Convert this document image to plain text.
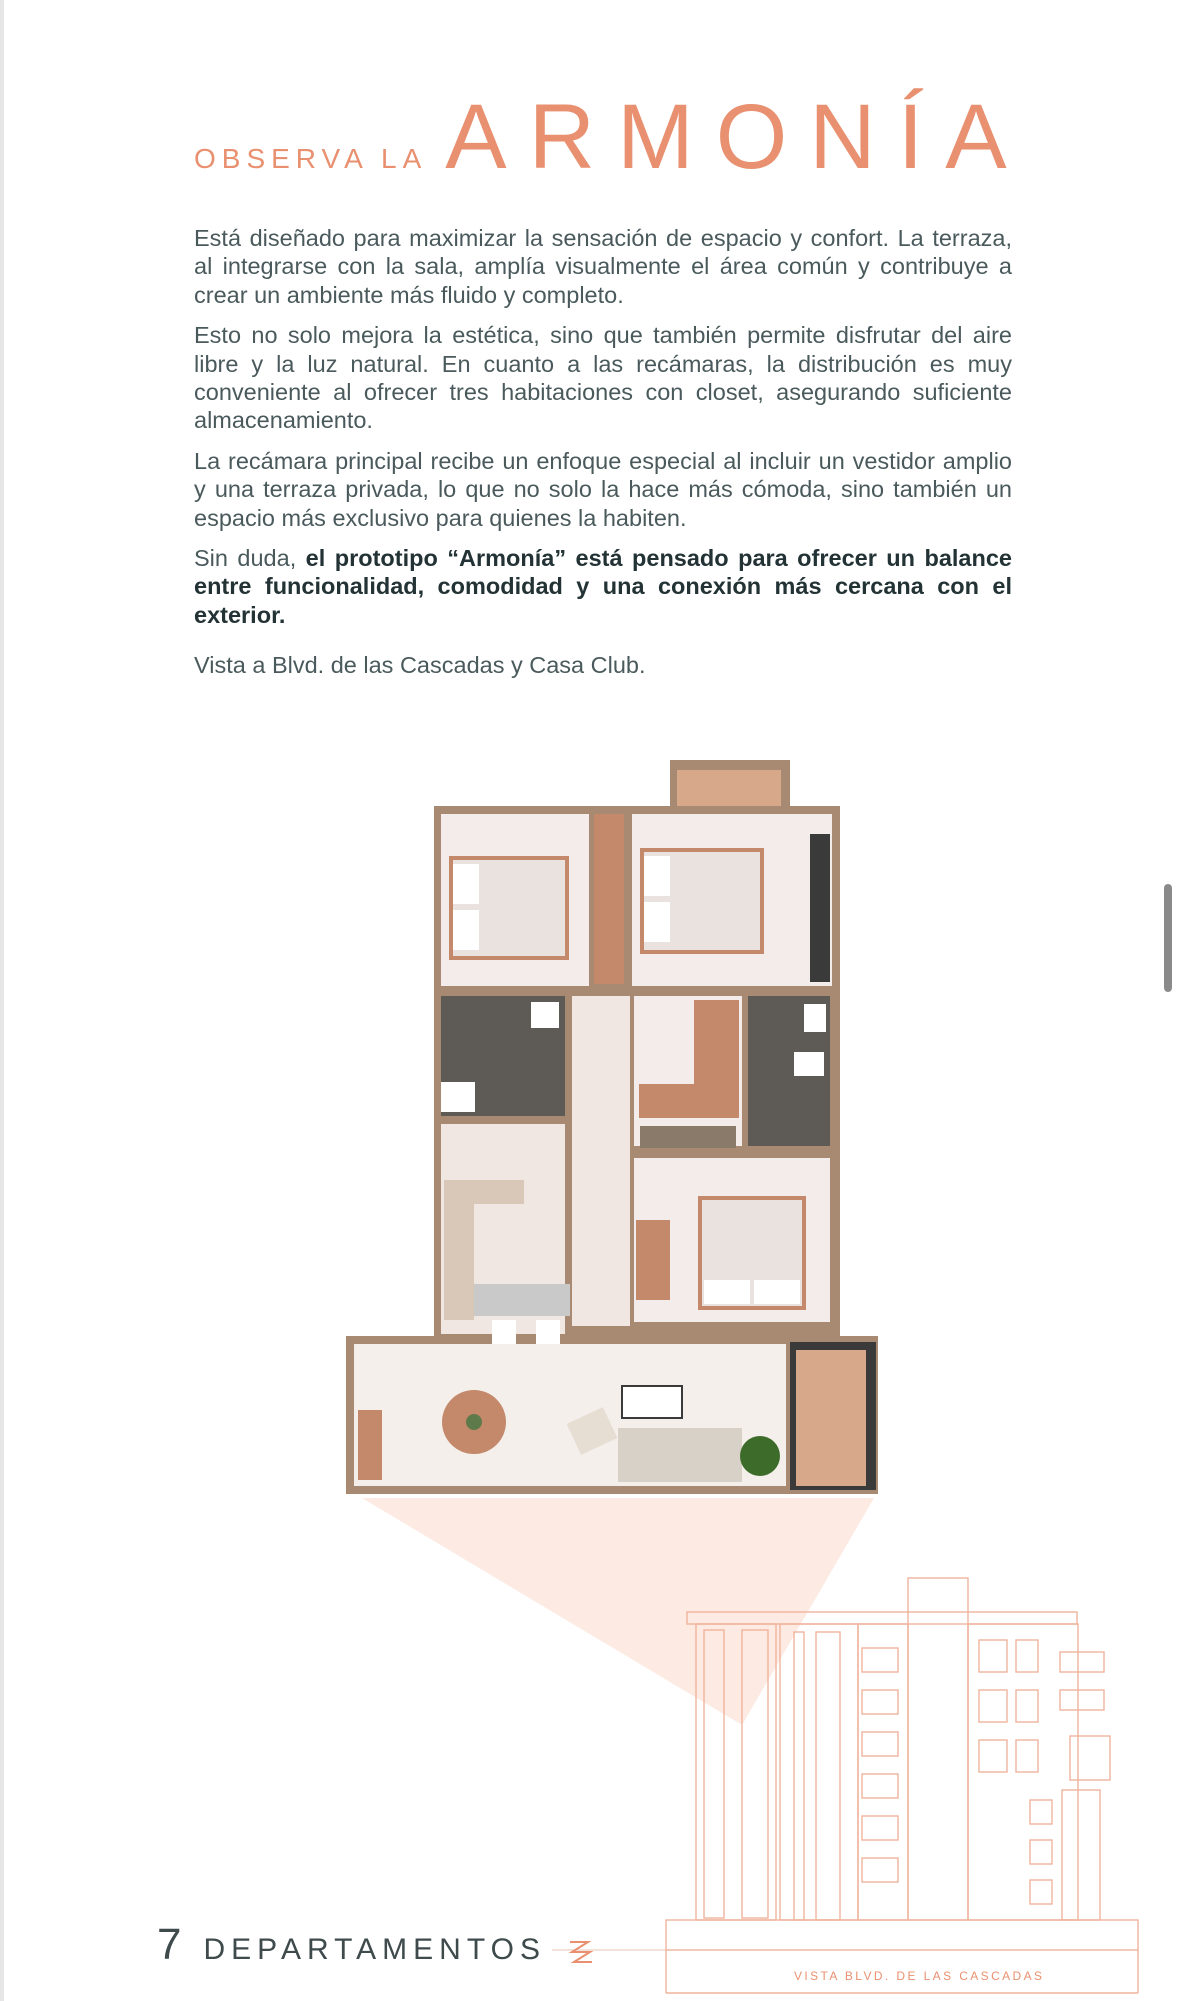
OBSERVA LA ARMONÍA

Está diseñado para maximizar la sensación de espacio y confort. La terraza, al integrarse con la sala, amplía visualmente el área común y contribuye a crear un ambiente más fluido y completo.

Esto no solo mejora la estética, sino que también permite disfrutar del aire libre y la luz natural. En cuanto a las recámaras, la distribución es muy conveniente al ofrecer tres habitaciones con closet, asegurando suficiente almacenamiento.

La recámara principal recibe un enfoque especial al incluir un vestidor amplio y una terraza privada, lo que no solo la hace más cómoda, sino también un espacio más exclusivo para quienes la habiten.

Sin duda, el prototipo “Armonía” está pensado para ofrecer un balance entre funcionalidad, comodidad y una conexión más cercana con el exterior.

Vista a Blvd. de las Cascadas y Casa Club.

7 DEPARTAMENTOS
VISTA BLVD. DE LAS CASCADAS
